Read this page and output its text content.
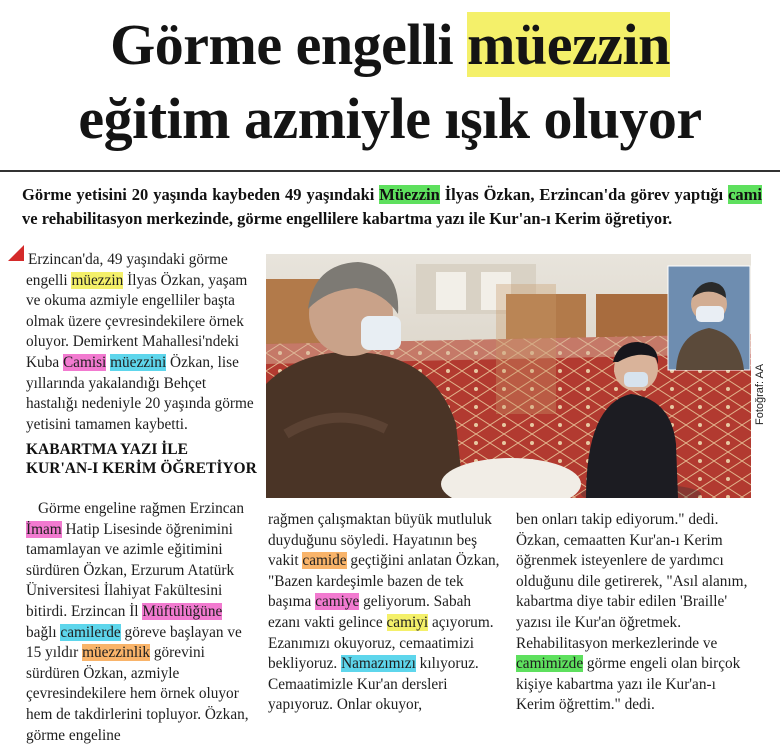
Görme engelli müezzin
eğitim azmiyle ışık oluyor
Görme yetisini 20 yaşında kaybeden 49 yaşındaki Müezzin İlyas Özkan, Erzincan'da görev yaptığı cami ve rehabilitasyon merkezinde, görme engellilere kabartma yazı ile Kur'an-ı Kerim öğretiyor.
Erzincan'da, 49 yaşındaki görme engelli müezzin İlyas Özkan, yaşam ve okuma azmiyle engelliler başta olmak üzere çevresindekilere örnek oluyor. Demirkent Mahallesi'ndeki Kuba Camisi müezzini Özkan, lise yıllarında yakalandığı Behçet hastalığı nedeniyle 20 yaşında görme yetisini tamamen kaybetti.
KABARTMA YAZI İLE
KUR'AN-I KERİM ÖĞRETİYOR
Görme engeline rağmen Erzincan İmam Hatip Lisesinde öğrenimini tamamlayan ve azimle eğitimini sürdüren Özkan, Erzurum Atatürk Üniversitesi İlahiyat Fakültesini bitirdi. Erzincan İl Müftülüğüne bağlı camilerde göreve başlayan ve 15 yıldır müezzinlik görevini sürdüren Özkan, azmiyle çevresindekilere hem örnek oluyor hem de takdirlerini topluyor. Özkan, görme engeline
rağmen çalışmaktan büyük mutluluk duyduğunu söyledi. Hayatının beş vakit camide geçtiğini anlatan Özkan, "Bazen kardeşimle bazen de tek başıma camiye geliyorum. Sabah ezanı vakti gelince camiyi açıyorum. Ezanımızı okuyoruz, cemaatimizi bekliyoruz. Namazımızı kılıyoruz. Cemaatimizle Kur'an dersleri yapıyoruz. Onlar okuyor,
ben onları takip ediyorum." dedi. Özkan, cemaatten Kur'an-ı Kerim öğrenmek isteyenlere de yardımcı olduğunu dile getirerek, "Asıl alanım, kabartma diye tabir edilen 'Braille' yazısı ile Kur'an öğretmek. Rehabilitasyon merkezlerinde ve camimizde görme engeli olan birçok kişiye kabartma yazı ile Kur'an-ı Kerim öğrettim." dedi.
Fotoğraf: AA
